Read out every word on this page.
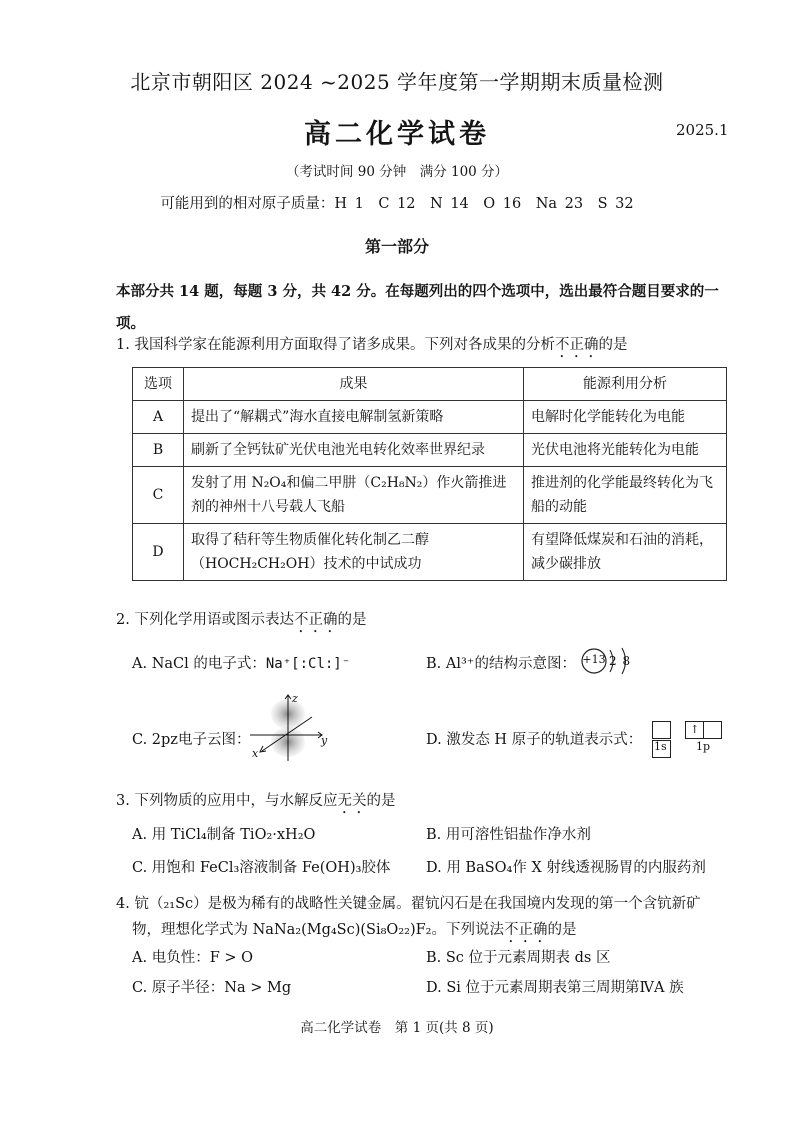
北京市朝阳区 2024 ~2025 学年度第一学期期末质量检测
高二化学试卷	2025.1
（考试时间 90 分钟　满分 100 分）
可能用到的相对原子质量：H 1　C 12　N 14　O 16　Na 23　S 32
第一部分
本部分共 14 题，每题 3 分，共 42 分。在每题列出的四个选项中，选出最符合题目要求的一项。
1. 我国科学家在能源利用方面取得了诸多成果。下列对各成果的分析不正确的是
选项	成果	能源利用分析
A	提出了“解耦式”海水直接电解制氢新策略	电解时化学能转化为电能
B	刷新了全钙钛矿光伏电池光电转化效率世界纪录	光伏电池将光能转化为电能
C	发射了用 N₂O₄和偏二甲肼（C₂H₈N₂）作火箭推进剂的神州十八号载人飞船	推进剂的化学能最终转化为飞船的动能
D	取得了秸秆等生物质催化转化制乙二醇（HOCH₂CH₂OH）技术的中试成功	有望降低煤炭和石油的消耗，减少碳排放
2. 下列化学用语或图示表达不正确的是
A. NaCl 的电子式：Na⁺[:Cl:]⁻	B. Al³⁺的结构示意图： +13 2 8
C. 2pz电子云图：
z
y
x
D. 激发态 H 原子的轨道表示式：
↑
1s	1p
3. 下列物质的应用中，与水解反应无关的是
A. 用 TiCl₄制备 TiO₂·xH₂O	B. 用可溶性铝盐作净水剂
C. 用饱和 FeCl₃溶液制备 Fe(OH)₃胶体 D. 用 BaSO₄作 X 射线透视肠胃的内服药剂
4. 钪（₂₁Sc）是极为稀有的战略性关键金属。翟钪闪石是在我国境内发现的第一个含钪新矿
物，理想化学式为 NaNa₂(Mg₄Sc)(Si₈O₂₂)F₂。下列说法不正确的是
A. 电负性：F > O	B. Sc 位于元素周期表 ds 区
C. 原子半径：Na > Mg	D. Si 位于元素周期表第三周期第ⅣA 族
高二化学试卷　第 1 页(共 8 页)
